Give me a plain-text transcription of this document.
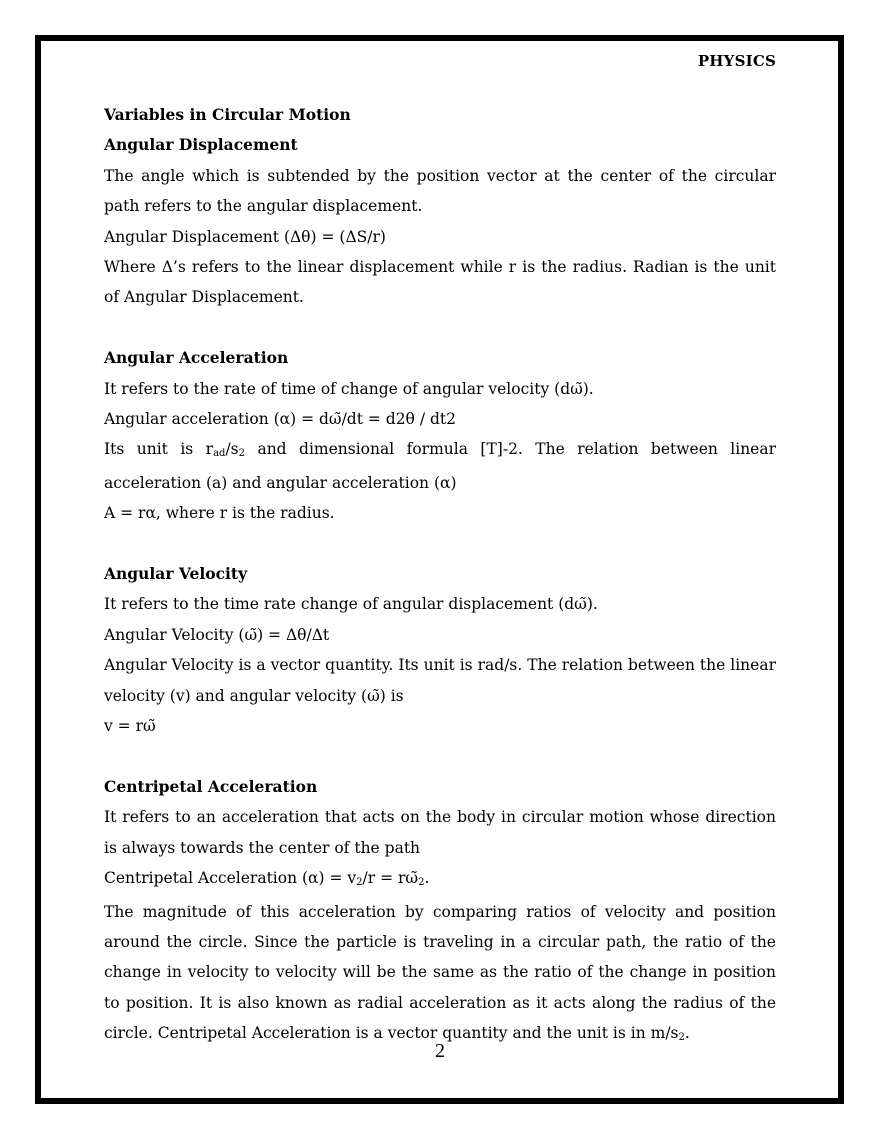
PHYSICS

Variables in Circular Motion

Angular Displacement

The angle which is subtended by the position vector at the center of the circular path refers to the angular displacement.

Angular Displacement (Δθ) = (ΔS/r)

Where Δ’s refers to the linear displacement while r is the radius. Radian is the unit of Angular Displacement.

Angular Acceleration

It refers to the rate of time of change of angular velocity (dω̃).

Angular acceleration (α) = dω̃/dt = d2θ / dt2

Its unit is $r_{ad}/s_2$ and dimensional formula [T]-2. The relation between linear acceleration (a) and angular acceleration (α)

A = rα, where r is the radius.

Angular Velocity

It refers to the time rate change of angular displacement (dω̃).

Angular Velocity (ω̃) = Δθ/Δt

Angular Velocity is a vector quantity. Its unit is rad/s. The relation between the linear velocity (v) and angular velocity (ω̃) is

v = rω̃

Centripetal Acceleration

It refers to an acceleration that acts on the body in circular motion whose direction is always towards the center of the path

Centripetal Acceleration $(\alpha) = v_2/r$ = $r\omegã_2$.

The magnitude of this acceleration by comparing ratios of velocity and position around the circle. Since the particle is traveling in a circular path, the ratio of the change in velocity to velocity will be the same as the ratio of the change in position to position. It is also known as radial acceleration as it acts along the radius of the circle. Centripetal Acceleration is a vector quantity and the unit is in $m/s_2$.

2
